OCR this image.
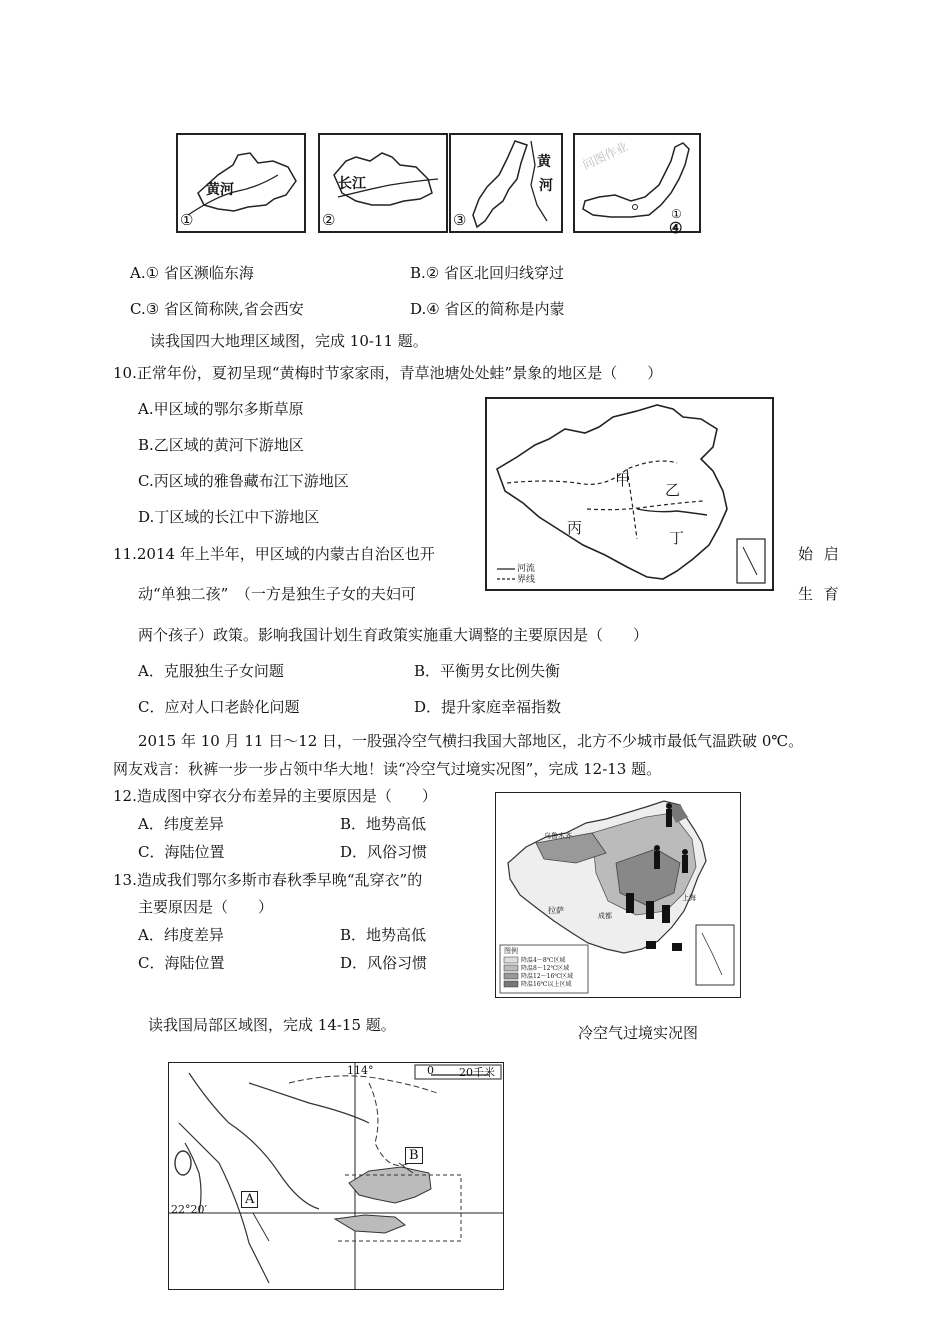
黄河
①
长江
②
黄
河
③
问图作业
①
④
A.① 省区濒临东海	B.② 省区北回归线穿过
C.③ 省区简称陕,省会西安	D.④ 省区的简称是内蒙
读我国四大地理区域图，完成 10-11 题。
10.正常年份，夏初呈现“黄梅时节家家雨，青草池塘处处蛙”景象的地区是（　　）
A.甲区域的鄂尔多斯草原
B.乙区域的黄河下游地区
C.丙区域的雅鲁藏布江下游地区
D.丁区域的长江中下游地区
甲
乙
丙
丁
河流
界线
11.2014 年上半年，甲区域的内蒙古自治区也开	始 启
动“单独二孩”　（一方是独生子女的夫妇可	生 育
两个孩子）政策。影响我国计划生育政策实施重大调整的主要原因是（　　）
A．克服独生子女问题	B．平衡男女比例失衡
C．应对人口老龄化问题	D．提升家庭幸福指数
2015 年 10 月 11 日～12 日，一股强冷空气横扫我国大部地区，北方不少城市最低气温跌破 0℃。
网友戏言：秋裤一步一步占领中华大地！读“冷空气过境实况图”，完成 12-13 题。
12.造成图中穿衣分布差异的主要原因是（　　）
A．纬度差异	B．地势高低
C．海陆位置	D．风俗习惯
13.造成我们鄂尔多斯市春秋季早晚“乱穿衣”的
主要原因是（　　）
A．纬度差异	B．地势高低
C．海陆位置	D．风俗习惯
乌鲁木齐
拉萨
成都
上海
图例
降温4～8℃区域
降温8～12℃区域
降温12～16℃区域
降温16℃以上区域
冷空气过境实况图
读我国局部区域图，完成 14-15 题。
114°
22°20′
0 20千米
A
B
